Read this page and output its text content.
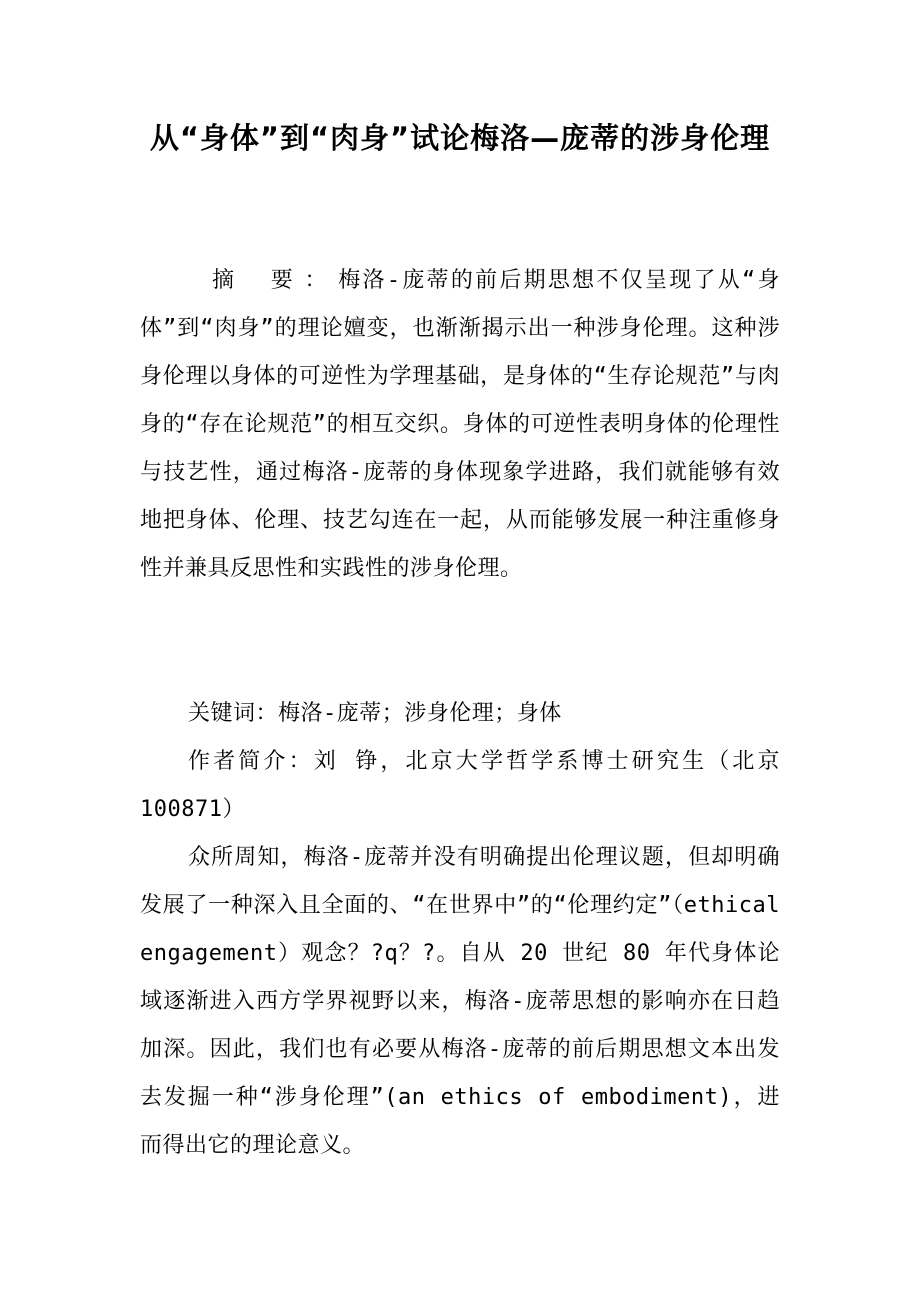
从“身体”到“肉身”试论梅洛—庞蒂的涉身伦理

摘 要：梅洛-庞蒂的前后期思想不仅呈现了从“身体”到“肉身”的理论嬗变，也渐渐揭示出一种涉身伦理。这种涉身伦理以身体的可逆性为学理基础，是身体的“生存论规范”与肉身的“存在论规范”的相互交织。身体的可逆性表明身体的伦理性与技艺性，通过梅洛-庞蒂的身体现象学进路，我们就能够有效地把身体、伦理、技艺勾连在一起，从而能够发展一种注重修身性并兼具反思性和实践性的涉身伦理。

关键词：梅洛-庞蒂；涉身伦理；身体

作者简介：刘 铮，北京大学哲学系博士研究生（北京 100871）

众所周知，梅洛-庞蒂并没有明确提出伦理议题，但却明确发展了一种深入且全面的、“在世界中”的“伦理约定”（ethical engagement）观念？?q？?。自从 20 世纪 80 年代身体论域逐渐进入西方学界视野以来，梅洛-庞蒂思想的影响亦在日趋加深。因此，我们也有必要从梅洛-庞蒂的前后期思想文本出发去发掘一种“涉身伦理”(an ethics of embodiment)，进而得出它的理论意义。
